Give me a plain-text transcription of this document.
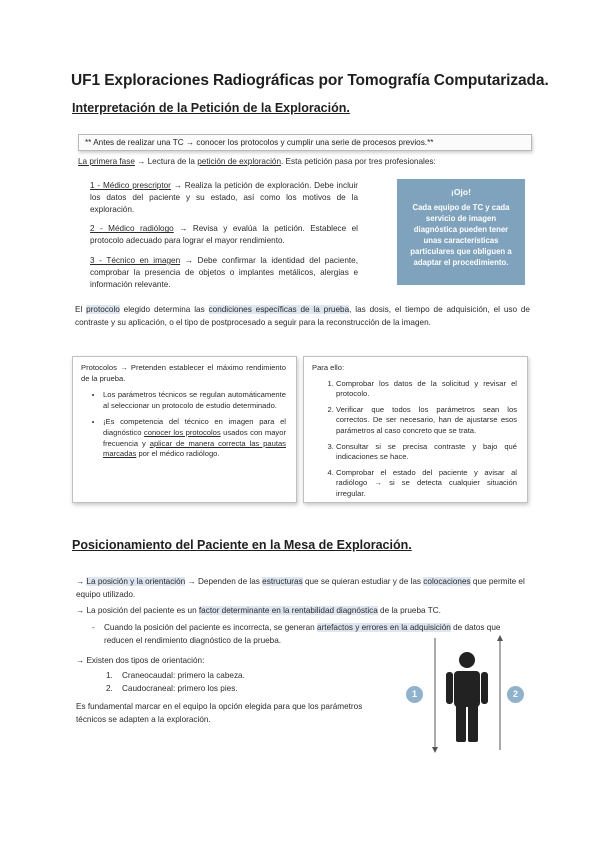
UF1 Exploraciones Radiográficas por Tomografía Computarizada.
Interpretación de la Petición de la Exploración.
** Antes de realizar una TC → conocer los protocolos y cumplir una serie de procesos previos.**
La primera fase → Lectura de la petición de exploración. Esta petición pasa por tres profesionales:
1 - Médico prescriptor → Realiza la petición de exploración. Debe incluir los datos del paciente y su estado, así como los motivos de la exploración.
2 - Médico radiólogo → Revisa y evalúa la petición. Establece el protocolo adecuado para lograr el mayor rendimiento.
3 - Técnico en imagen → Debe confirmar la identidad del paciente, comprobar la presencia de objetos o implantes metálicos, alergias e información relevante.
¡Ojo!
Cada equipo de TC y cada servicio de imagen diagnóstica pueden tener unas características particulares que obliguen a adaptar el procedimiento.
El protocolo elegido determina las condiciones específicas de la prueba, las dosis, el tiempo de adquisición, el uso de contraste y su aplicación, o el tipo de postprocesado a seguir para la reconstrucción de la imagen.
Protocolos → Pretenden establecer el máximo rendimiento de la prueba.
• Los parámetros técnicos se regulan automáticamente al seleccionar un protocolo de estudio determinado.
• ¡Es competencia del técnico en imagen para el diagnóstico conocer los protocolos usados con mayor frecuencia y aplicar de manera correcta las pautas marcadas por el médico radiólogo.
Para ello:
1. Comprobar los datos de la solicitud y revisar el protocolo.
2. Verificar que todos los parámetros sean los correctos. De ser necesario, han de ajustarse esos parámetros al caso concreto que se trata.
3. Consultar si se precisa contraste y bajo qué indicaciones se hace.
4. Comprobar el estado del paciente y avisar al radiólogo → si se detecta cualquier situación irregular.
Posicionamiento del Paciente en la Mesa de Exploración.
→ La posición y la orientación → Dependen de las estructuras que se quieran estudiar y de las colocaciones que permite el equipo utilizado.
→ La posición del paciente es un factor determinante en la rentabilidad diagnóstica de la prueba TC.
-	Cuando la posición del paciente es incorrecta, se generan artefactos y errores en la adquisición de datos que reducen el rendimiento diagnóstico de la prueba.
→ Existen dos tipos de orientación:
1. Craneocaudal: primero la cabeza.
2. Caudocraneal: primero los pies.
Es fundamental marcar en el equipo la opción elegida para que los parámetros técnicos se adapten a la exploración.
1	2
